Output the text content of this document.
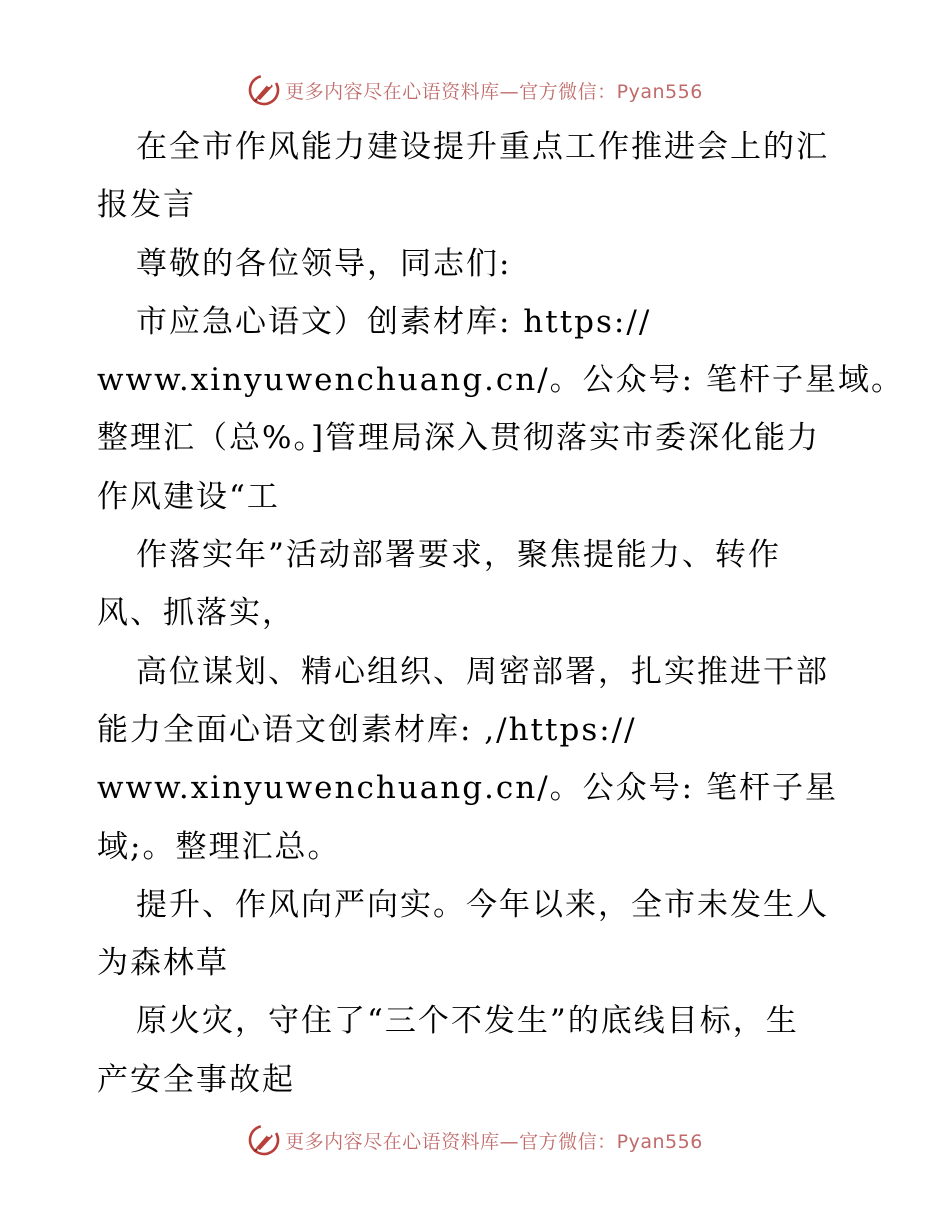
更多内容尽在心语资料库—官方微信：Pyan556
在全市作风能力建设提升重点工作推进会上的汇
报发言
尊敬的各位领导，同志们:
市应急心语文）创素材库: https://
www.xinyuwenchuang.cn/。公众号: 笔杆子星域。
整理汇（总%。]管理局深入贯彻落实市委深化能力
作风建设“工
作落实年”活动部署要求，聚焦提能力、转作
风、抓落实，
高位谋划、精心组织、周密部署，扎实推进干部
能力全面心语文创素材库: ,/https://
www.xinyuwenchuang.cn/。公众号: 笔杆子星
域;。整理汇总。
提升、作风向严向实。今年以来，全市未发生人
为森林草
原火灾，守住了“三个不发生”的底线目标，生
产安全事故起
更多内容尽在心语资料库—官方微信：Pyan556
